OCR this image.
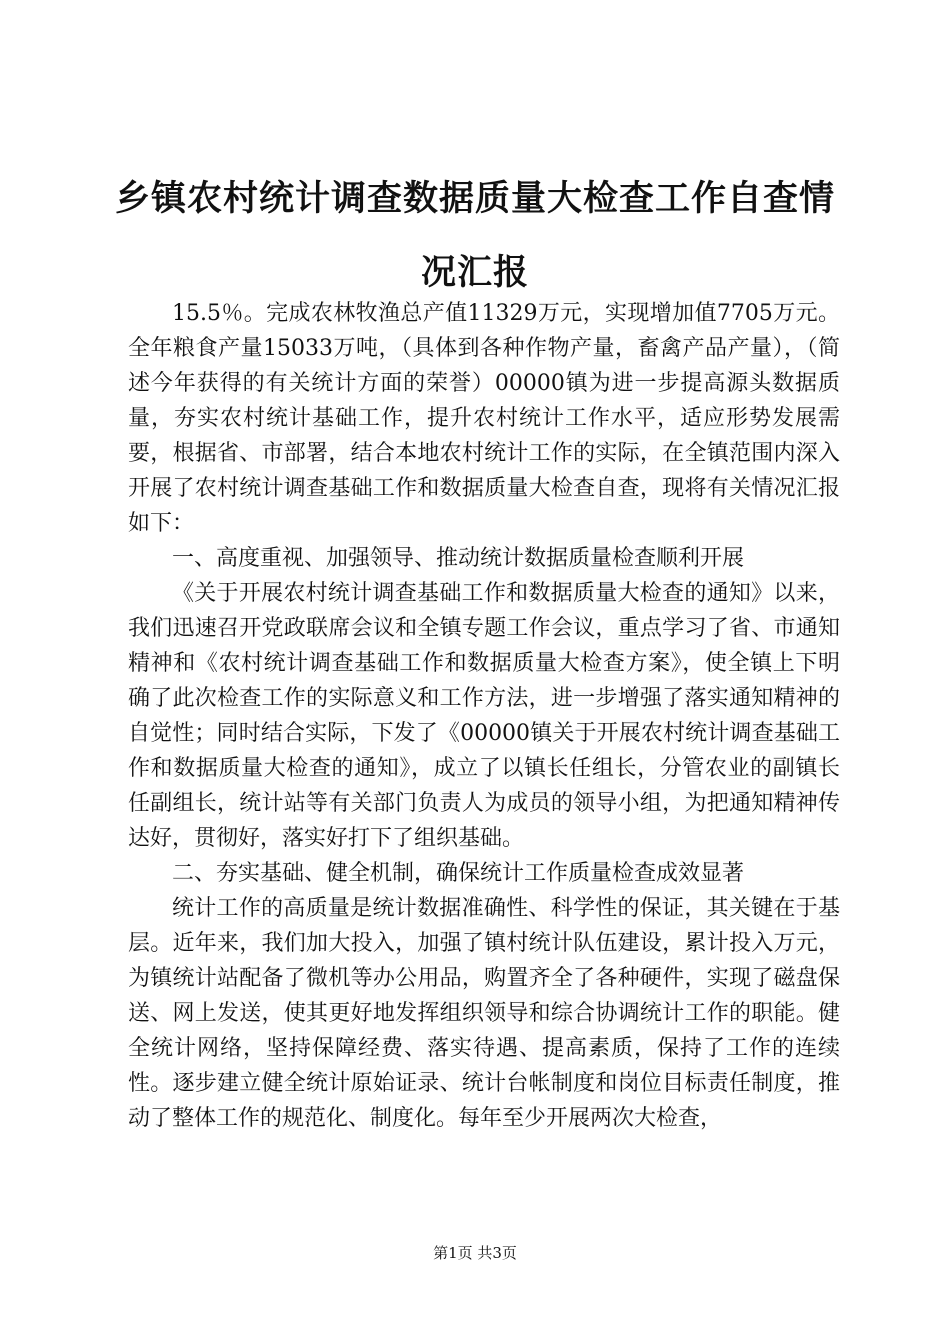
乡镇农村统计调查数据质量大检查工作自查情况汇报

15.5％。完成农林牧渔总产值11329万元，实现增加值7705万元。全年粮食产量15033万吨，（具体到各种作物产量，畜禽产品产量），（简述今年获得的有关统计方面的荣誉）00000镇为进一步提高源头数据质量，夯实农村统计基础工作，提升农村统计工作水平，适应形势发展需要，根据省、市部署，结合本地农村统计工作的实际，在全镇范围内深入开展了农村统计调查基础工作和数据质量大检查自查，现将有关情况汇报如下：

一、高度重视、加强领导、推动统计数据质量检查顺利开展

《关于开展农村统计调查基础工作和数据质量大检查的通知》以来，我们迅速召开党政联席会议和全镇专题工作会议，重点学习了省、市通知精神和《农村统计调查基础工作和数据质量大检查方案》，使全镇上下明确了此次检查工作的实际意义和工作方法，进一步增强了落实通知精神的自觉性；同时结合实际，下发了《00000镇关于开展农村统计调查基础工作和数据质量大检查的通知》，成立了以镇长任组长，分管农业的副镇长任副组长，统计站等有关部门负责人为成员的领导小组，为把通知精神传达好，贯彻好，落实好打下了组织基础。

二、夯实基础、健全机制，确保统计工作质量检查成效显著

统计工作的高质量是统计数据准确性、科学性的保证，其关键在于基层。近年来，我们加大投入，加强了镇村统计队伍建设，累计投入万元，为镇统计站配备了微机等办公用品，购置齐全了各种硬件，实现了磁盘保送、网上发送，使其更好地发挥组织领导和综合协调统计工作的职能。健全统计网络，坚持保障经费、落实待遇、提高素质，保持了工作的连续性。逐步建立健全统计原始证录、统计台帐制度和岗位目标责任制度，推动了整体工作的规范化、制度化。每年至少开展两次大检查，

第1页 共3页
